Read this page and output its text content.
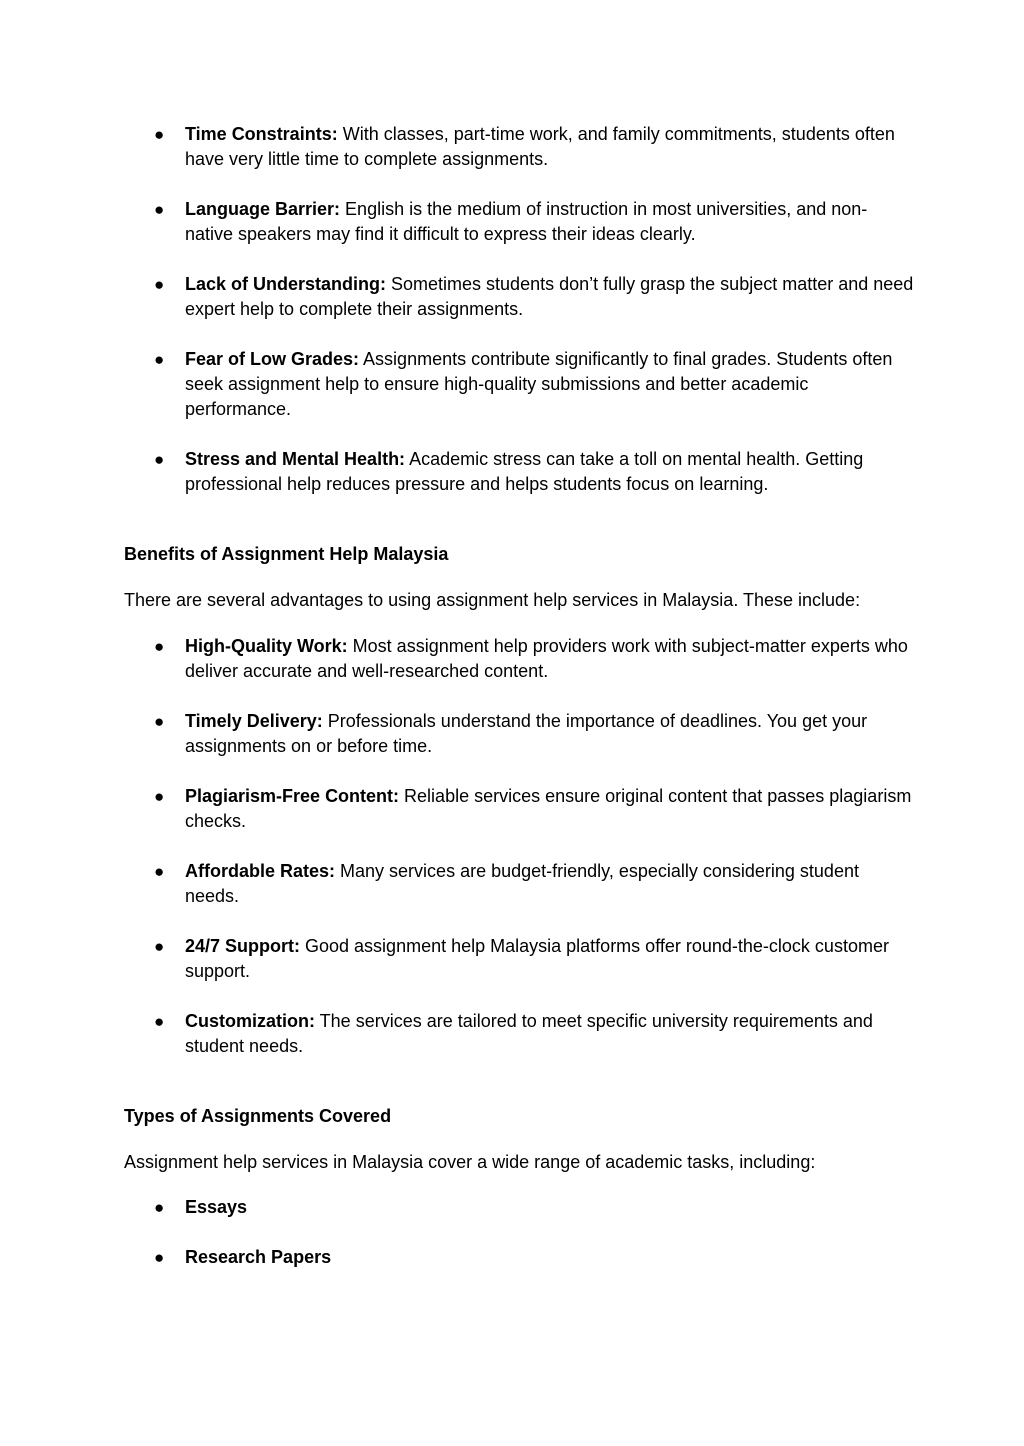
● Time Constraints: With classes, part-time work, and family commitments, students often have very little time to complete assignments.
● Language Barrier: English is the medium of instruction in most universities, and non-native speakers may find it difficult to express their ideas clearly.
● Lack of Understanding: Sometimes students don’t fully grasp the subject matter and need expert help to complete their assignments.
● Fear of Low Grades: Assignments contribute significantly to final grades. Students often seek assignment help to ensure high-quality submissions and better academic performance.
● Stress and Mental Health: Academic stress can take a toll on mental health. Getting professional help reduces pressure and helps students focus on learning.
Benefits of Assignment Help Malaysia

There are several advantages to using assignment help services in Malaysia. These include:

● High-Quality Work: Most assignment help providers work with subject-matter experts who deliver accurate and well-researched content.
● Timely Delivery: Professionals understand the importance of deadlines. You get your assignments on or before time.
● Plagiarism-Free Content: Reliable services ensure original content that passes plagiarism checks.
● Affordable Rates: Many services are budget-friendly, especially considering student needs.
● 24/7 Support: Good assignment help Malaysia platforms offer round-the-clock customer support.
● Customization: The services are tailored to meet specific university requirements and student needs.
Types of Assignments Covered

Assignment help services in Malaysia cover a wide range of academic tasks, including:

● Essays
● Research Papers
